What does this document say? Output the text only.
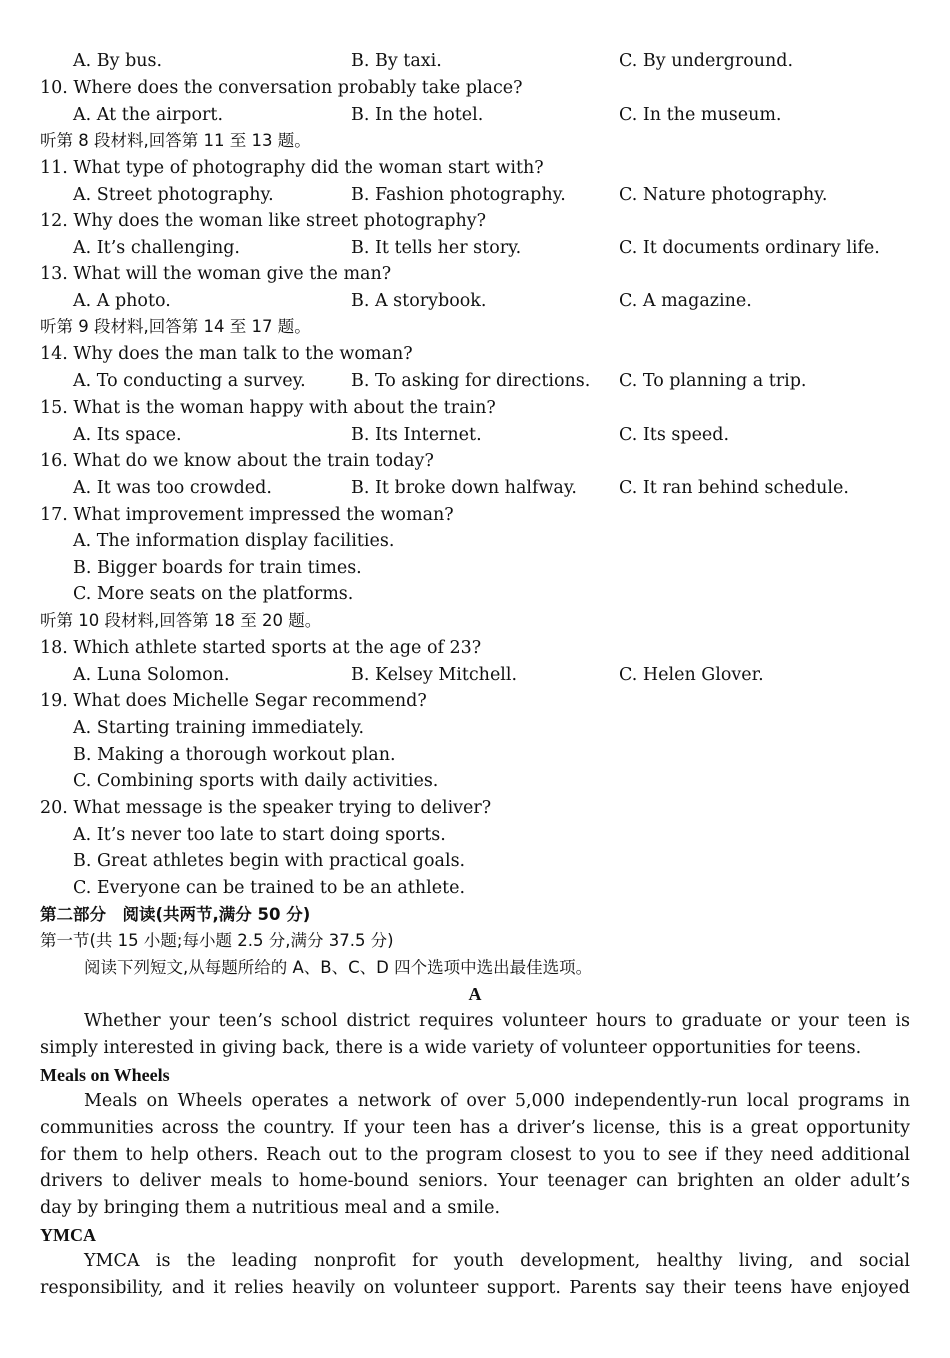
A. By bus.	B. By taxi.	C. By underground.
10. Where does the conversation probably take place?
A. At the airport.	B. In the hotel.	C. In the museum.
听第 8 段材料,回答第 11 至 13 题。
11. What type of photography did the woman start with?
A. Street photography.	B. Fashion photography.	C. Nature photography.
12. Why does the woman like street photography?
A. It’s challenging.	B. It tells her story.	C. It documents ordinary life.
13. What will the woman give the man?
A. A photo.	B. A storybook.	C. A magazine.
听第 9 段材料,回答第 14 至 17 题。
14. Why does the man talk to the woman?
A. To conducting a survey.	B. To asking for directions. C. To planning a trip.
15. What is the woman happy with about the train?
A. Its space.	B. Its Internet.	C. Its speed.
16. What do we know about the train today?
A. It was too crowded.	B. It broke down halfway. C. It ran behind schedule.
17. What improvement impressed the woman?
A. The information display facilities.
B. Bigger boards for train times.
C. More seats on the platforms.
听第 10 段材料,回答第 18 至 20 题。
18. Which athlete started sports at the age of 23?
A. Luna Solomon.	B. Kelsey Mitchell.	C. Helen Glover.
19. What does Michelle Segar recommend?
A. Starting training immediately.
B. Making a thorough workout plan.
C. Combining sports with daily activities.
20. What message is the speaker trying to deliver?
A. It’s never too late to start doing sports.
B. Great athletes begin with practical goals.
C. Everyone can be trained to be an athlete.
第二部分　阅读(共两节,满分 50 分)
第一节(共 15 小题;每小题 2.5 分,满分 37.5 分)
阅读下列短文,从每题所给的 A、B、C、D 四个选项中选出最佳选项。
A
Whether your teen’s school district requires volunteer hours to graduate or your teen is
simply interested in giving back, there is a wide variety of volunteer opportunities for teens.
Meals on Wheels
Meals on Wheels operates a network of over 5,000 independently-run local programs in
communities across the country. If your teen has a driver’s license, this is a great opportunity
for them to help others. Reach out to the program closest to you to see if they need additional
drivers to deliver meals to home-bound seniors. Your teenager can brighten an older adult’s
day by bringing them a nutritious meal and a smile.
YMCA
YMCA is the leading nonprofit for youth development, healthy living, and social
responsibility, and it relies heavily on volunteer support. Parents say their teens have enjoyed
